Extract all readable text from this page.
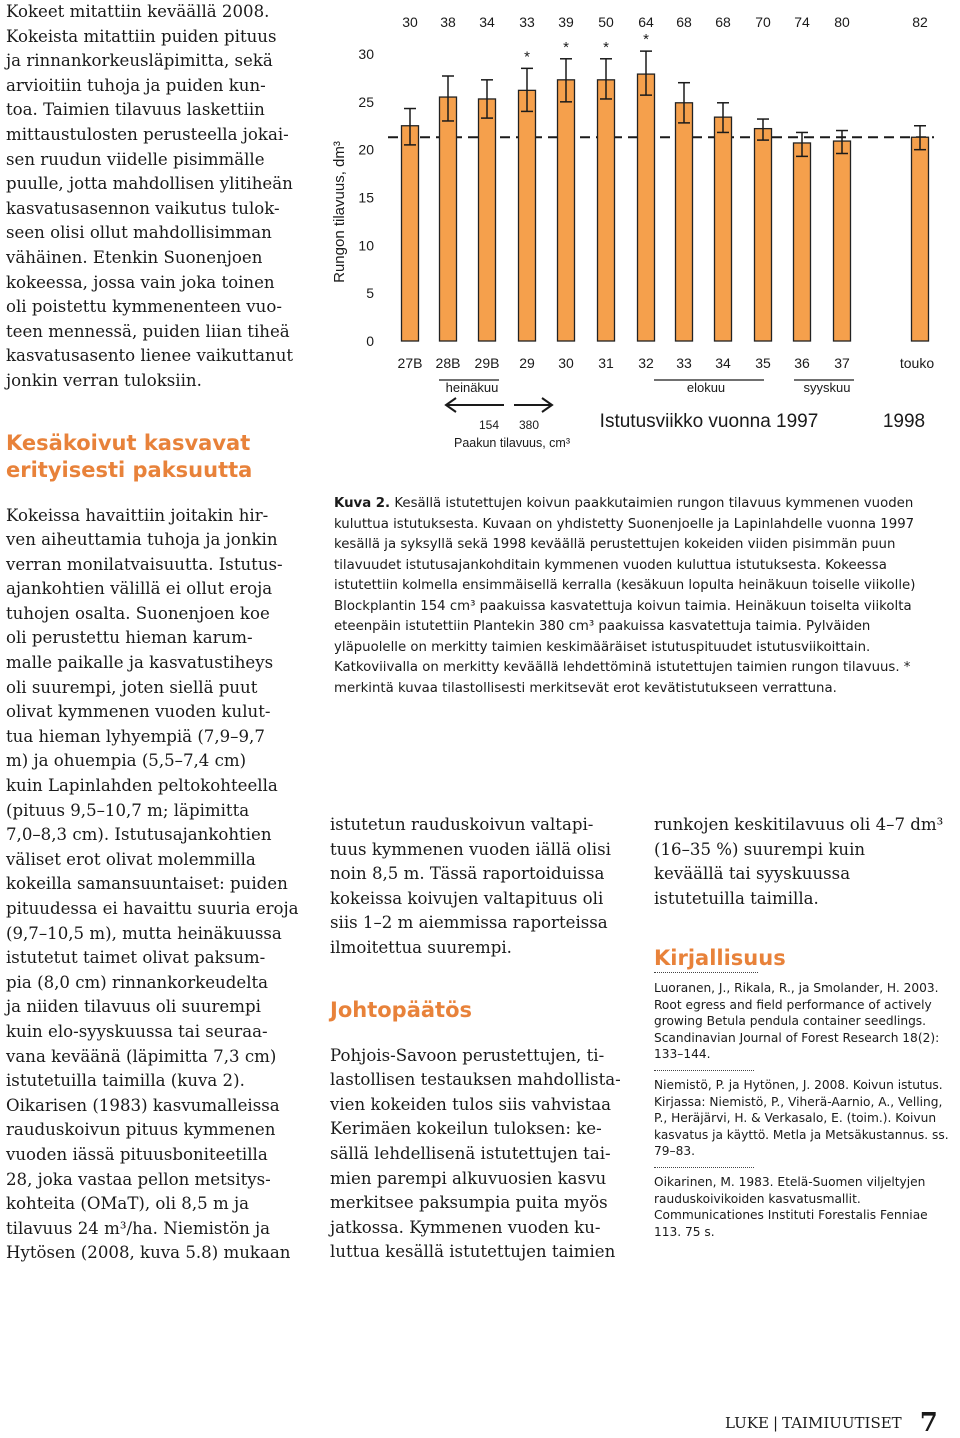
Kokeet mitattiin keväällä 2008.
Kokeista mitattiin puiden pituus
ja rinnankorkeusläpimitta, sekä
arvioitiin tuhoja ja puiden kun-
toa. Taimien tilavuus laskettiin
mittaustulosten perusteella jokai-
sen ruudun viidelle pisimmälle
puulle, jotta mahdollisen ylitiheän
kasvatusasennon vaikutus tulok-
seen olisi ollut mahdollisimman
vähäinen. Etenkin Suonenjoen
kokeessa, jossa vain joka toinen
oli poistettu kymmenenteen vuo-
teen mennessä, puiden liian tiheä
kasvatusasento lienee vaikuttanut
jonkin verran tuloksiin.

Kesäkoivut kasvavat
erityisesti paksuutta

Kokeissa havaittiin joitakin hir-
ven aiheuttamia tuhoja ja jonkin
verran monilatvaisuutta. Istutus-
ajankohtien välillä ei ollut eroja
tuhojen osalta. Suonenjoen koe
oli perustettu hieman karum-
malle paikalle ja kasvatustiheys
oli suurempi, joten siellä puut
olivat kymmenen vuoden kulut-
tua hieman lyhyempiä (7,9–9,7
m) ja ohuempia (5,5–7,4 cm)
kuin Lapinlahden peltokohteella
(pituus 9,5–10,7 m; läpimitta
7,0–8,3 cm). Istutusajankohtien
väliset erot olivat molemmilla
kokeilla samansuuntaiset: puiden
pituudessa ei havaittu suuria eroja
(9,7–10,5 m), mutta heinäkuussa
istutetut taimet olivat paksum-
pia (8,0 cm) rinnankorkeudelta
ja niiden tilavuus oli suurempi
kuin elo-syyskuussa tai seuraa-
vana keväänä (läpimitta 7,3 cm)
istutetuilla taimilla (kuva 2).
Oikarisen (1983) kasvumalleissa
rauduskoivun pituus kymmenen
vuoden iässä pituusboniteetilla
28, joka vastaa pellon metsitys-
kohteita (OMaT), oli 8,5 m ja
tilavuus 24 m³/ha. Niemistön ja
Hytösen (2008, kuva 5.8) mukaan

Rungon tilavuus, dm³
0
5
10
15
20
25
30
30 38 34 33 39 50 64 68 68 70 74 80	82
*
* * *
27B 28B 29B 29 30 31 32 33 34 35 36 37	touko
heinäkuu	elokuu	syyskuu
154 380
Paakun tilavuus, cm³
Istutusviikko vuonna 1997	1998
Kuva 2. Kesällä istutettujen koivun paakkutaimien rungon tilavuus kymmenen vuoden kuluttua istutuksesta. Kuvaan on yhdistetty Suonenjoelle ja Lapinlahdelle vuonna 1997 kesällä ja syksyllä sekä 1998 keväällä perustettujen kokeiden viiden pisimmän puun tilavuudet istutusajankohditain kymmenen vuoden kuluttua istutuksesta. Kokeessa istutettiin kolmella ensimmäisellä kerralla (kesäkuun lopulta heinäkuun toiselle viikolle) Blockplantin 154 cm³ paakuissa kasvatettuja koivun taimia. Heinäkuun toiselta viikolta eteenpäin istutettiin Plantekin 380 cm³ paakuissa kasvatettuja taimia. Pylväiden yläpuolelle on merkitty taimien keskimääräiset istutuspituudet istutusviikoittain. Katkoviivalla on merkitty keväällä lehdettöminä istutettujen taimien rungon tilavuus. * merkintä kuvaa tilastollisesti merkitsevät erot kevätistutukseen verrattuna.

istutetun rauduskoivun valtapi-
tuus kymmenen vuoden iällä olisi
noin 8,5 m. Tässä raportoiduissa
kokeissa koivujen valtapituus oli
siis 1–2 m aiemmissa raporteissa
ilmoitettua suurempi.

Johtopäätös

Pohjois-Savoon perustettujen, ti-
lastollisen testauksen mahdollista-
vien kokeiden tulos siis vahvistaa
Kerimäen kokeilun tuloksen: ke-
sällä lehdellisenä istutettujen tai-
mien parempi alkuvuosien kasvu
merkitsee paksumpia puita myös
jatkossa. Kymmenen vuoden ku-
luttua kesällä istutettujen taimien

runkojen keskitilavuus oli 4–7 dm³
(16–35 %) suurempi kuin
keväällä tai syyskuussa
istutetuilla taimilla.

Kirjallisuus
Luoranen, J., Rikala, R., ja Smolander, H. 2003. Root egress and field performance of actively growing Betula pendula container seedlings. Scandinavian Journal of Forest Research 18(2): 133–144.
Niemistö, P. ja Hytönen, J. 2008. Koivun istutus. Kirjassa: Niemistö, P., Viherä-Aarnio, A., Velling, P., Heräjärvi, H. & Verkasalo, E. (toim.). Koivun kasvatus ja käyttö. Metla ja Metsäkustannus. ss. 79–83.
Oikarinen, M. 1983. Etelä-Suomen viljeltyjen rauduskoivikoiden kasvatusmallit. Communicationes Instituti Forestalis Fenniae 113. 75 s.
LUKE | TAIMIUUTISET 7
